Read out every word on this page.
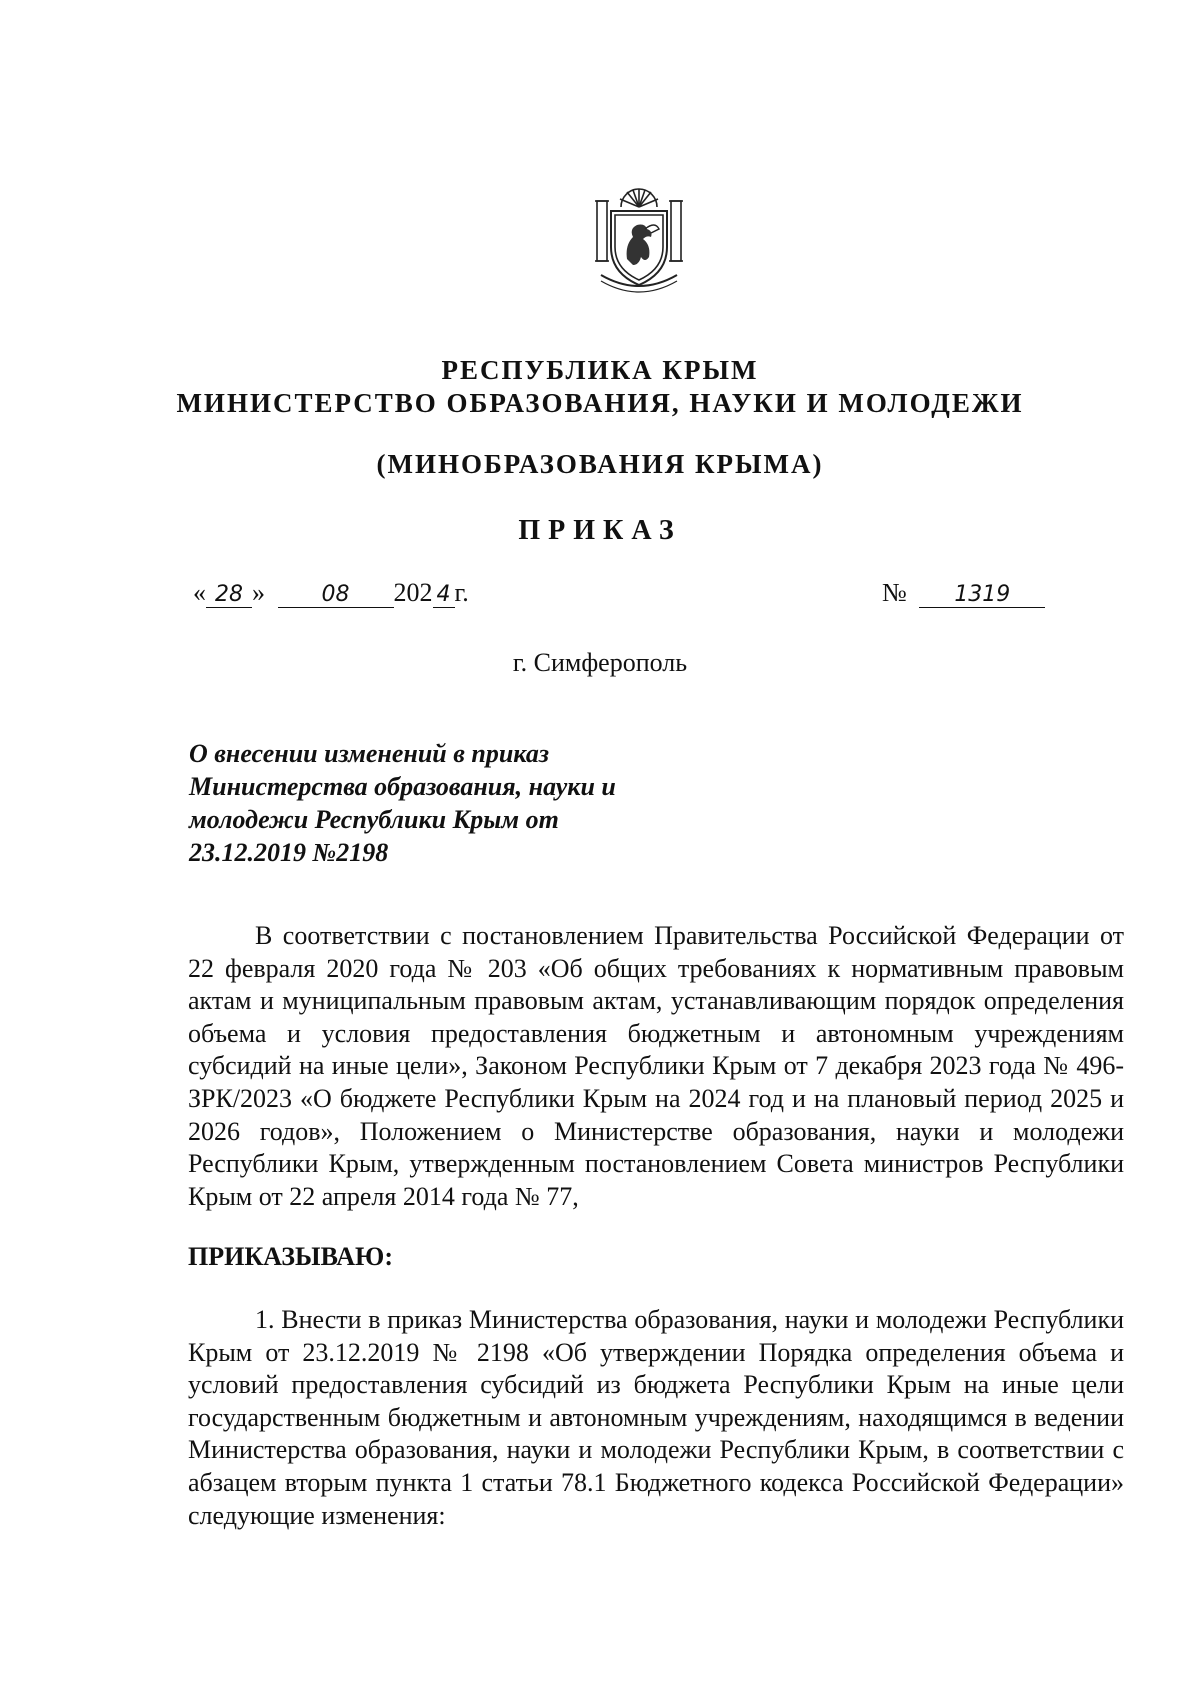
РЕСПУБЛИКА КРЫМ
МИНИСТЕРСТВО ОБРАЗОВАНИЯ, НАУКИ И МОЛОДЕЖИ
(МИНОБРАЗОВАНИЯ КРЫМА)
ПРИКАЗ
« 28 »	08 202 4 г.	№ 1319
г. Симферополь
О внесении изменений в приказ Министерства образования, науки и молодежи Республики Крым от 23.12.2019 №2198
В соответствии с постановлением Правительства Российской Федерации от 22 февраля 2020 года № 203 «Об общих требованиях к нормативным правовым актам и муниципальным правовым актам, устанавливающим порядок определения объема и условия предоставления бюджетным и автономным учреждениям субсидий на иные цели», Законом Республики Крым от 7 декабря 2023 года № 496-ЗРК/2023 «О бюджете Республики Крым на 2024 год и на плановый период 2025 и 2026 годов», Положением о Министерстве образования, науки и молодежи Республики Крым, утвержденным постановлением Совета министров Республики Крым от 22 апреля 2014 года № 77,
ПРИКАЗЫВАЮ:
1. Внести в приказ Министерства образования, науки и молодежи Республики Крым от 23.12.2019 № 2198 «Об утверждении Порядка определения объема и условий предоставления субсидий из бюджета Республики Крым на иные цели государственным бюджетным и автономным учреждениям, находящимся в ведении Министерства образования, науки и молодежи Республики Крым, в соответствии с абзацем вторым пункта 1 статьи 78.1 Бюджетного кодекса Российской Федерации» следующие изменения:
